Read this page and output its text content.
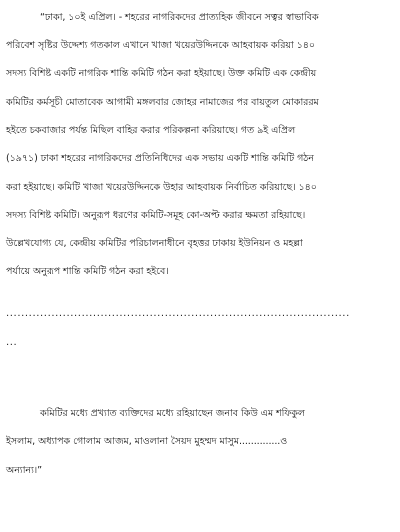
“ঢাকা, ১০ই এপ্রিল। - শহরের নাগরিকদের প্রাত্যহিক জীবনে সত্বর স্বাভাবিক
পরিবেশ সৃষ্টির উদ্দেশ্য গতকাল এখানে খাজা খয়েরউদ্দিনকে আহবায়ক করিয়া ১৪০
সদস্য বিশিষ্ট একটি নাগরিক শান্তি কমিটি গঠন করা হইয়াছে। উক্ত কমিটি এক কেন্দ্রীয়
কমিটির কর্মসূচী মোতাবেক আগামী মঙ্গলবার জোহর নামাজের পর বায়তুল মোকাররম
হইতে চকবাজার পর্যন্ত মিছিল বাহির করার পরিকল্পনা করিয়াছে। গত ৯ই এপ্রিল
(১৯৭১) ঢাকা শহরের নাগরিকদের প্রতিনিধিদের এক সভায় একটি শান্তি কমিটি গঠন
করা হইয়াছে। কমিটি খাজা খয়েরউদ্দিনকে উহার আহবায়ক নির্বাচিত করিয়াছে। ১৪০
সদস্য বিশিষ্ট কমিটি। অনুরূপ ধরণের কমিটি-সমূহ কো-অপ্ট করার ক্ষমতা রহিয়াছে।
উল্লেখযোগ্য যে, কেন্দ্রীয় কমিটির পরিচালনাধীনে বৃহত্তর ঢাকায় ইউনিয়ন ও মহল্লা
পর্যায়ে অনুরূপ শান্তি কমিটি গঠন করা হইবে।
...........................................................................................
...
কমিটির মধ্যে প্রখ্যাত ব্যক্তিদের মধ্যে রহিয়াছেন জনাব কিউ এম শফিকুল
ইসলাম, অধ্যাপক গোলাম আজম, মাওলানা সৈয়দ মুহম্মদ মাসুম..............ও
অন্যান্য।”
